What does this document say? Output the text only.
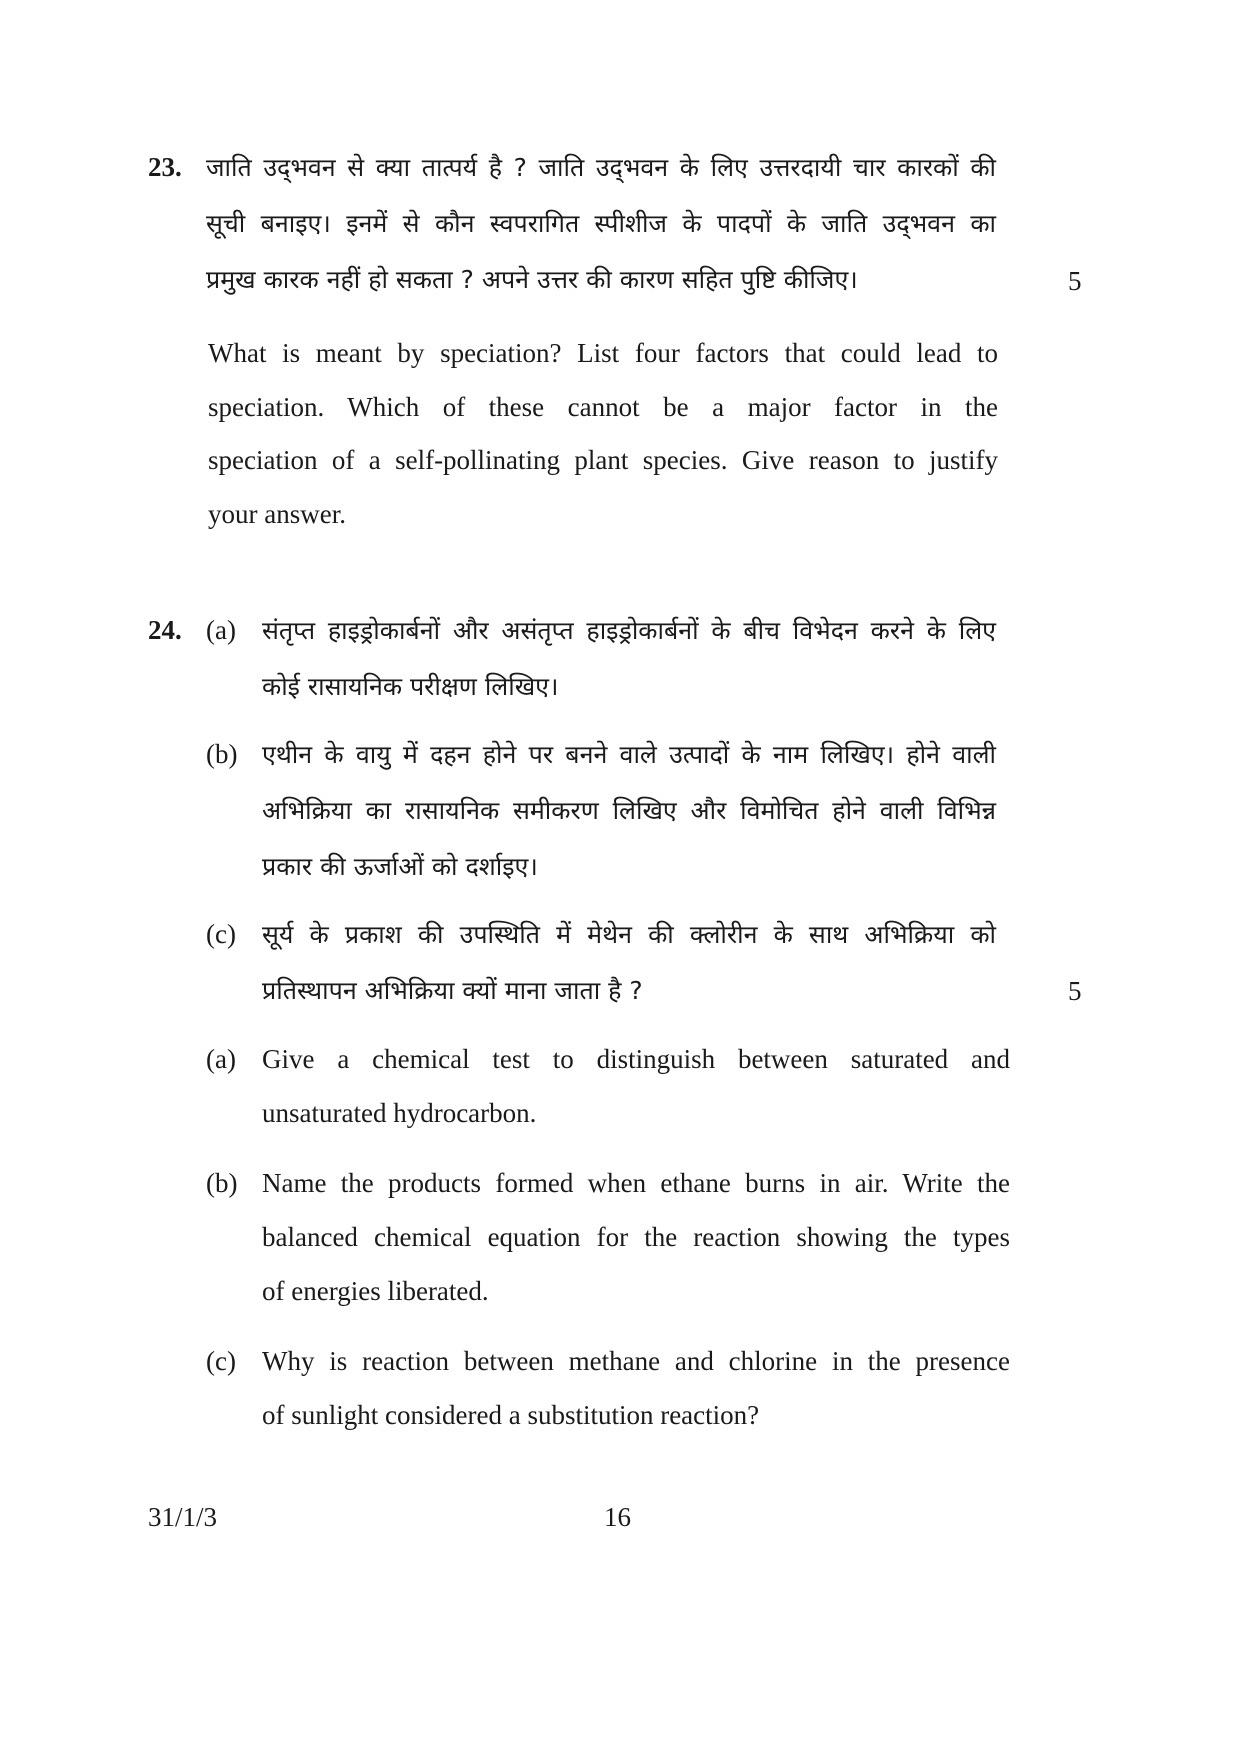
23. जाति उद्‌भवन से क्या तात्पर्य है ? जाति उद्‌भवन के लिए उत्तरदायी चार कारकों की
सूची बनाइए। इनमें से कौन स्वपरागित स्पीशीज के पादपों के जाति उद्‌भवन का
प्रमुख कारक नहीं हो सकता ? अपने उत्तर की कारण सहित पुष्टि कीजिए।	5
What is meant by speciation? List four factors that could lead to
speciation. Which of these cannot be a major factor in the
speciation of a self-pollinating plant species. Give reason to justify
your answer.
24. (a) संतृप्त हाइड्रोकार्बनों और असंतृप्त हाइड्रोकार्बनों के बीच विभेदन करने के लिए
कोई रासायनिक परीक्षण लिखिए।
(b) एथीन के वायु में दहन होने पर बनने वाले उत्पादों के नाम लिखिए। होने वाली
अभिक्रिया का रासायनिक समीकरण लिखिए और विमोचित होने वाली विभिन्न
प्रकार की ऊर्जाओं को दर्शाइए।
(c) सूर्य के प्रकाश की उपस्थिति में मेथेन की क्लोरीन के साथ अभिक्रिया को
प्रतिस्थापन अभिक्रिया क्यों माना जाता है ?	5
(a) Give a chemical test to distinguish between saturated and
unsaturated hydrocarbon.
(b) Name the products formed when ethane burns in air. Write the
balanced chemical equation for the reaction showing the types
of energies liberated.
(c) Why is reaction between methane and chlorine in the presence
of sunlight considered a substitution reaction?
31/1/3	16
